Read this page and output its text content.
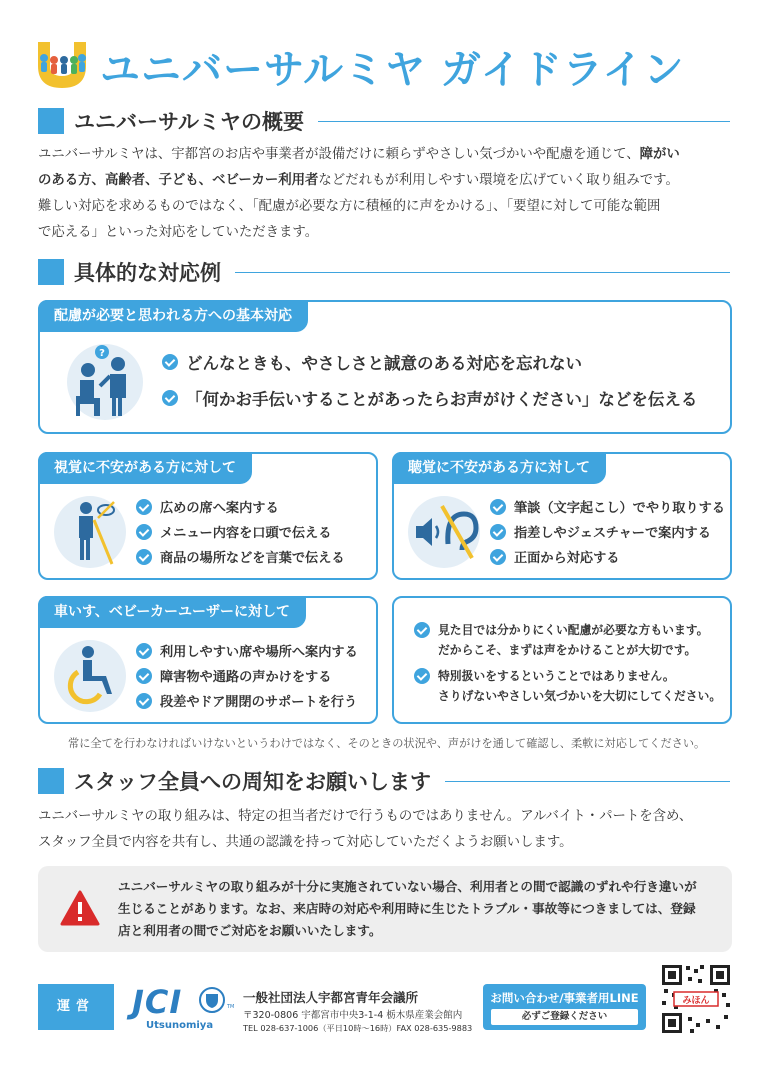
ユニバーサルミヤ ガイドライン
ユニバーサルミヤの概要
ユニバーサルミヤは、宇都宮のお店や事業者が設備だけに頼らずやさしい気づかいや配慮を通じて、障がい
のある方、高齢者、子ども、ベビーカー利用者などだれもが利用しやすい環境を広げていく取り組みです。
難しい対応を求めるものではなく、「配慮が必要な方に積極的に声をかける」、「要望に対して可能な範囲
で応える」といった対応をしていただきます。
具体的な対応例
配慮が必要と思われる方への基本対応
?
どんなときも、やさしさと誠意のある対応を忘れない
「何かお手伝いすることがあったらお声がけください」などを伝える
視覚に不安がある方に対して
広めの席へ案内する
メニュー内容を口頭で伝える
商品の場所などを言葉で伝える
聴覚に不安がある方に対して
筆談（文字起こし）でやり取りする
指差しやジェスチャーで案内する
正面から対応する
車いす、ベビーカーユーザーに対して
利用しやすい席や場所へ案内する
障害物や通路の声かけをする
段差やドア開閉のサポートを行う
見た目では分かりにくい配慮が必要な方もいます。
だからこそ、まずは声をかけることが大切です。
特別扱いをするということではありません。
さりげないやさしい気づかいを大切にしてください。
常に全てを行わなければいけないというわけではなく、そのときの状況や、声がけを通して確認し、柔軟に対応してください。
スタッフ全員への周知をお願いします
ユニバーサルミヤの取り組みは、特定の担当者だけで行うものではありません。アルバイト・パートを含め、
スタッフ全員で内容を共有し、共通の認識を持って対応していただくようお願いします。
ユニバーサルミヤの取り組みが十分に実施されていない場合、利用者との間で認識のずれや行き違いが
生じることがあります。なお、来店時の対応や利用時に生じたトラブル・事故等につきましては、登録
店と利用者の間でご対応をお願いいたします。
運営	JCI	TM
Utsunomiya
一般社団法人宇都宮青年会議所
〒320-0806 宇都宮市中央3-1-4 栃木県産業会館内
TEL 028-637-1006（平日10時〜16時）FAX 028-635-9883
お問い合わせ/事業者用LINE
必ずご登録ください
みほん
